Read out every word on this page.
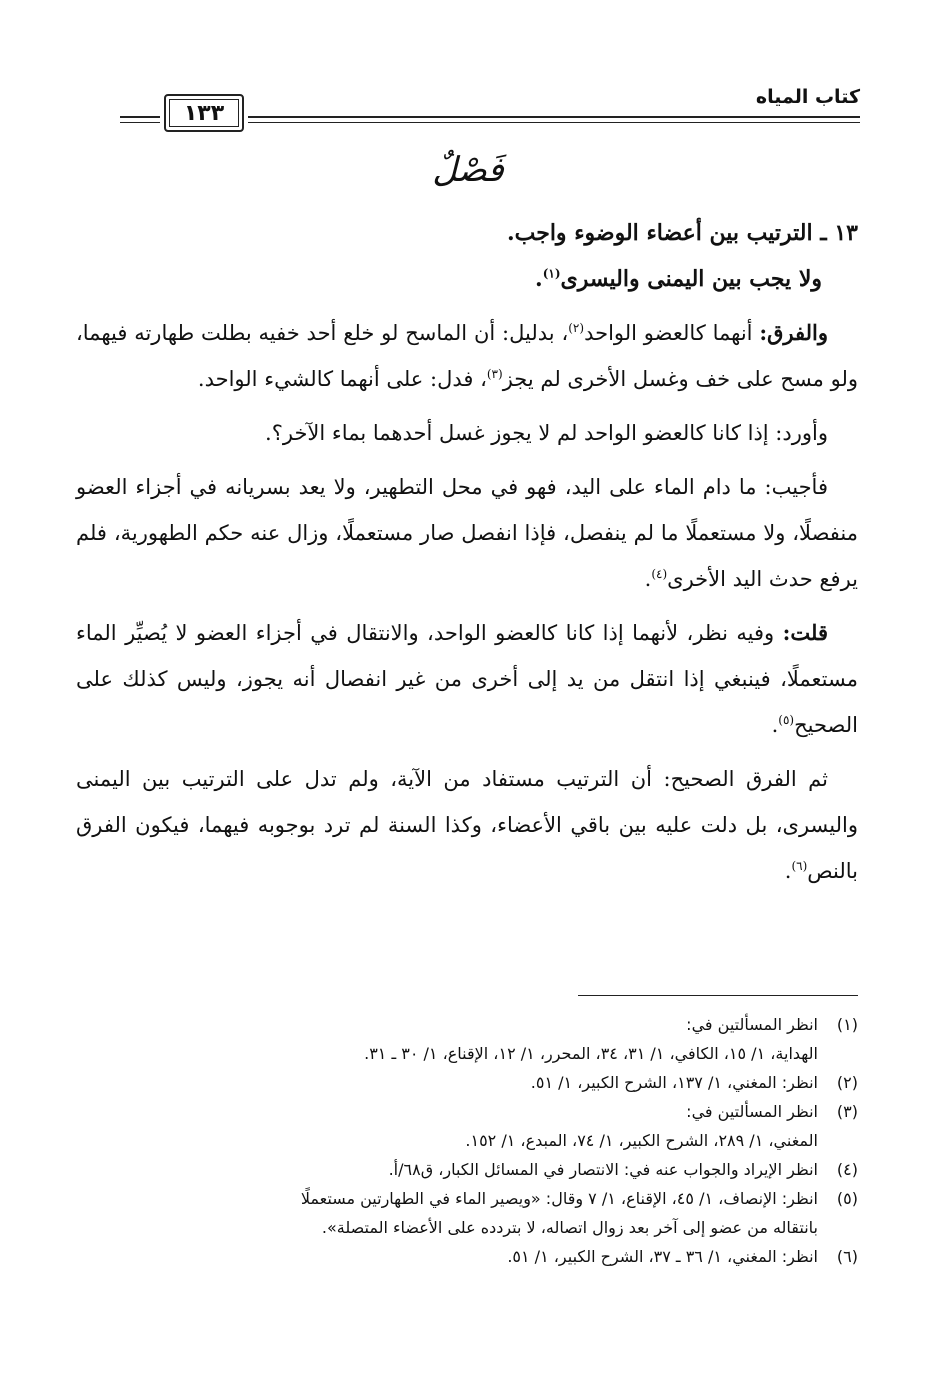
كتاب المياه
١٣٣
فَصْلٌ
١٣ ـ الترتيب بين أعضاء الوضوء واجب.
ولا يجب بين اليمنى واليسرى$^{(١)}$.

والفرق: أنهما كالعضو الواحد$^{(٢)}$، بدليل: أن الماسح لو خلع أحد خفيه بطلت طهارته فيهما، ولو مسح على خف وغسل الأخرى لم يجز$^{(٣)}$، فدل: على أنهما كالشيء الواحد.

وأورد: إذا كانا كالعضو الواحد لم لا يجوز غسل أحدهما بماء الآخر؟.

فأجيب: ما دام الماء على اليد، فهو في محل التطهير، ولا يعد بسريانه في أجزاء العضو منفصلًا، ولا مستعملًا ما لم ينفصل، فإذا انفصل صار مستعملًا، وزال عنه حكم الطهورية، فلم يرفع حدث اليد الأخرى$^{(٤)}$.

قلت: وفيه نظر، لأنهما إذا كانا كالعضو الواحد، والانتقال في أجزاء العضو لا يُصيِّر الماء مستعملًا، فينبغي إذا انتقل من يد إلى أخرى من غير انفصال أنه يجوز، وليس كذلك على الصحيح$^{(٥)}$.

ثم الفرق الصحيح: أن الترتيب مستفاد من الآية، ولم تدل على الترتيب بين اليمنى واليسرى، بل دلت عليه بين باقي الأعضاء، وكذا السنة لم ترد بوجوبه فيهما، فيكون الفرق بالنص$^{(٦)}$.

(١)
انظر المسألتين في:
الهداية، ١/ ١٥، الكافي، ١/ ٣١، ٣٤، المحرر، ١/ ١٢، الإقناع، ١/ ٣٠ ـ ٣١.
(٢)
انظر: المغني، ١/ ١٣٧، الشرح الكبير، ١/ ٥١.
(٣)
انظر المسألتين في:
المغني، ١/ ٢٨٩، الشرح الكبير، ١/ ٧٤، المبدع، ١/ ١٥٢.
(٤)
انظر الإيراد والجواب عنه في: الانتصار في المسائل الكبار، ق٦٨/أ.
(٥)
انظر: الإنصاف، ١/ ٤٥، الإقناع، ١/ ٧ وقال: «ويصير الماء في الطهارتين مستعملًا
بانتقاله من عضو إلى آخر بعد زوال اتصاله، لا بتردده على الأعضاء المتصلة».
(٦)
انظر: المغني، ١/ ٣٦ ـ ٣٧، الشرح الكبير، ١/ ٥١.
